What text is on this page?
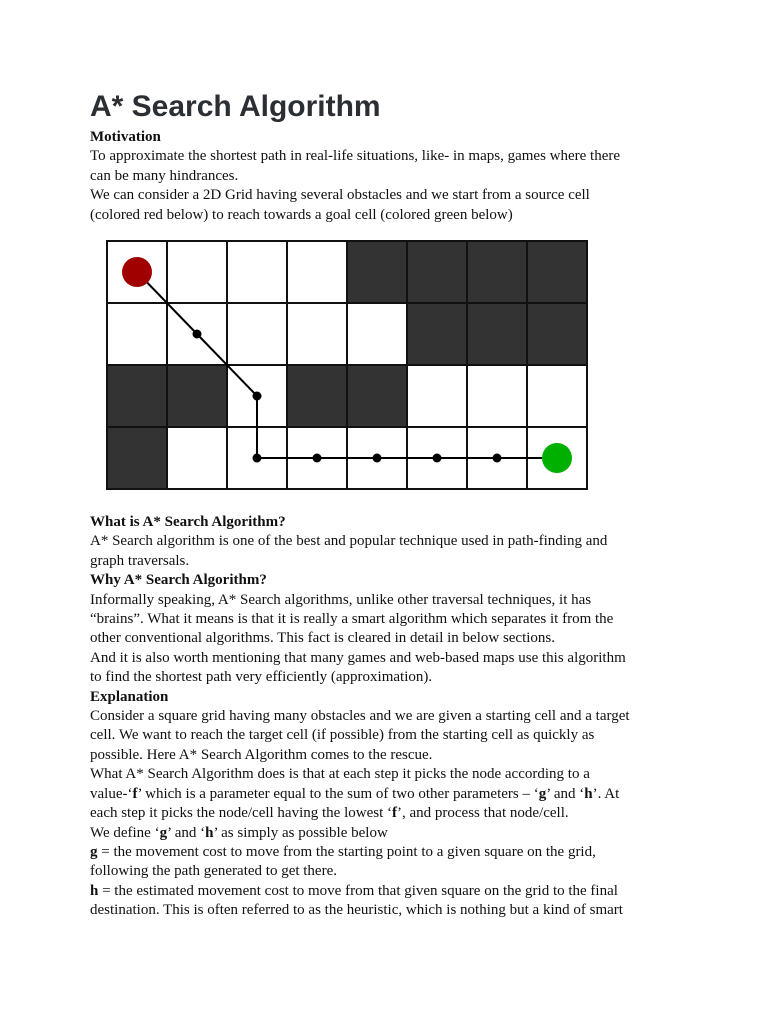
A* Search Algorithm

Motivation

To approximate the shortest path in real-life situations, like- in maps, games where there

can be many hindrances.

We can consider a 2D Grid having several obstacles and we start from a source cell

(colored red below) to reach towards a goal cell (colored green below)

What is A* Search Algorithm?

A* Search algorithm is one of the best and popular technique used in path-finding and

graph traversals.

Why A* Search Algorithm?

Informally speaking, A* Search algorithms, unlike other traversal techniques, it has

“brains”. What it means is that it is really a smart algorithm which separates it from the

other conventional algorithms. This fact is cleared in detail in below sections.

And it is also worth mentioning that many games and web-based maps use this algorithm

to find the shortest path very efficiently (approximation).

Explanation

Consider a square grid having many obstacles and we are given a starting cell and a target

cell. We want to reach the target cell (if possible) from the starting cell as quickly as

possible. Here A* Search Algorithm comes to the rescue.

What A* Search Algorithm does is that at each step it picks the node according to a

value-‘f’ which is a parameter equal to the sum of two other parameters – ‘g’ and ‘h’. At

each step it picks the node/cell having the lowest ‘f’, and process that node/cell.

We define ‘g’ and ‘h’ as simply as possible below

g = the movement cost to move from the starting point to a given square on the grid,

following the path generated to get there.

h = the estimated movement cost to move from that given square on the grid to the final

destination. This is often referred to as the heuristic, which is nothing but a kind of smart
